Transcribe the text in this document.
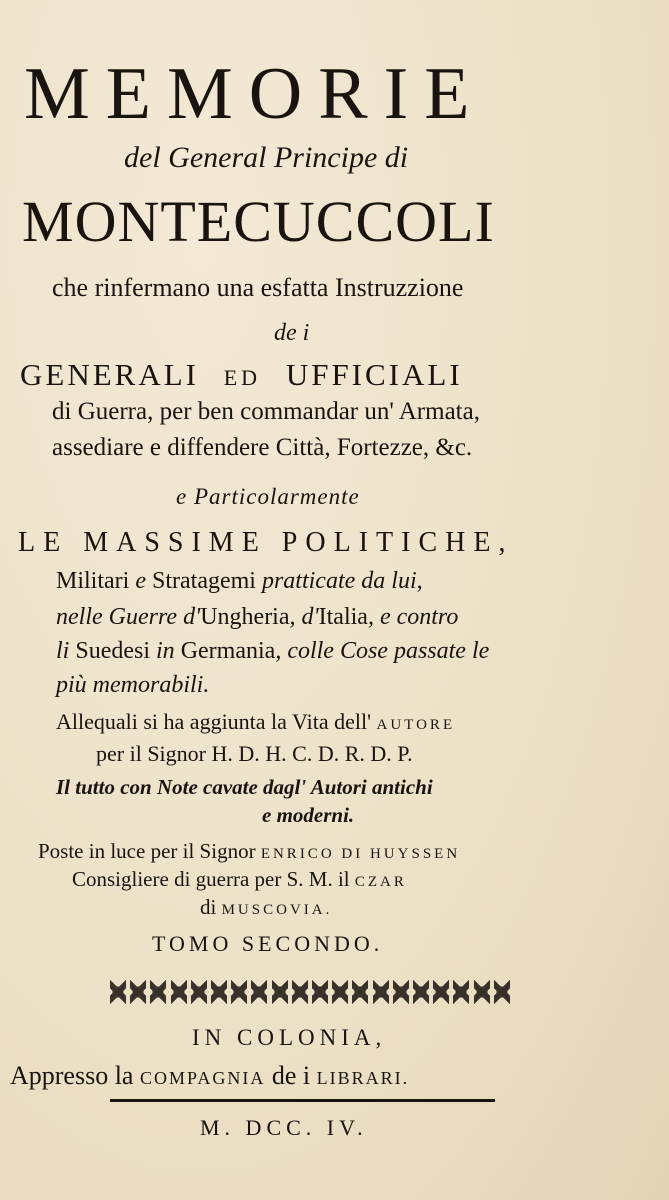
MEMORIE
del General Principe di
MONTECUCCOLI
che rinfermano una esfatta Instruzzione
de i
GENERALI ED UFFICIALI
di Guerra, per ben commandar un' Armata,
assediare e diffendere Città, Fortezze, &c.
e Particolarmente
LE MASSIME POLITICHE,
Militari e Stratagemi pratticate da lui,
nelle Guerre d'Ungheria, d'Italia, e contro
li Suedesi in Germania, colle Cose passate le
più memorabili.
Allequali si ha aggiunta la Vita dell' AUTORE
per il Signor H. D. H. C. D. R. D. P.
Il tutto con Note cavate dagl' Autori antichi
e moderni.
Poste in luce per il Signor ENRICO DI HUYSSEN
Consigliere di guerra per S. M. il CZAR
di MUSCOVIA.
TOMO SECONDO.
IN COLONIA,
Appresso la COMPAGNIA de i LIBRARI.
M. DCC. IV.
